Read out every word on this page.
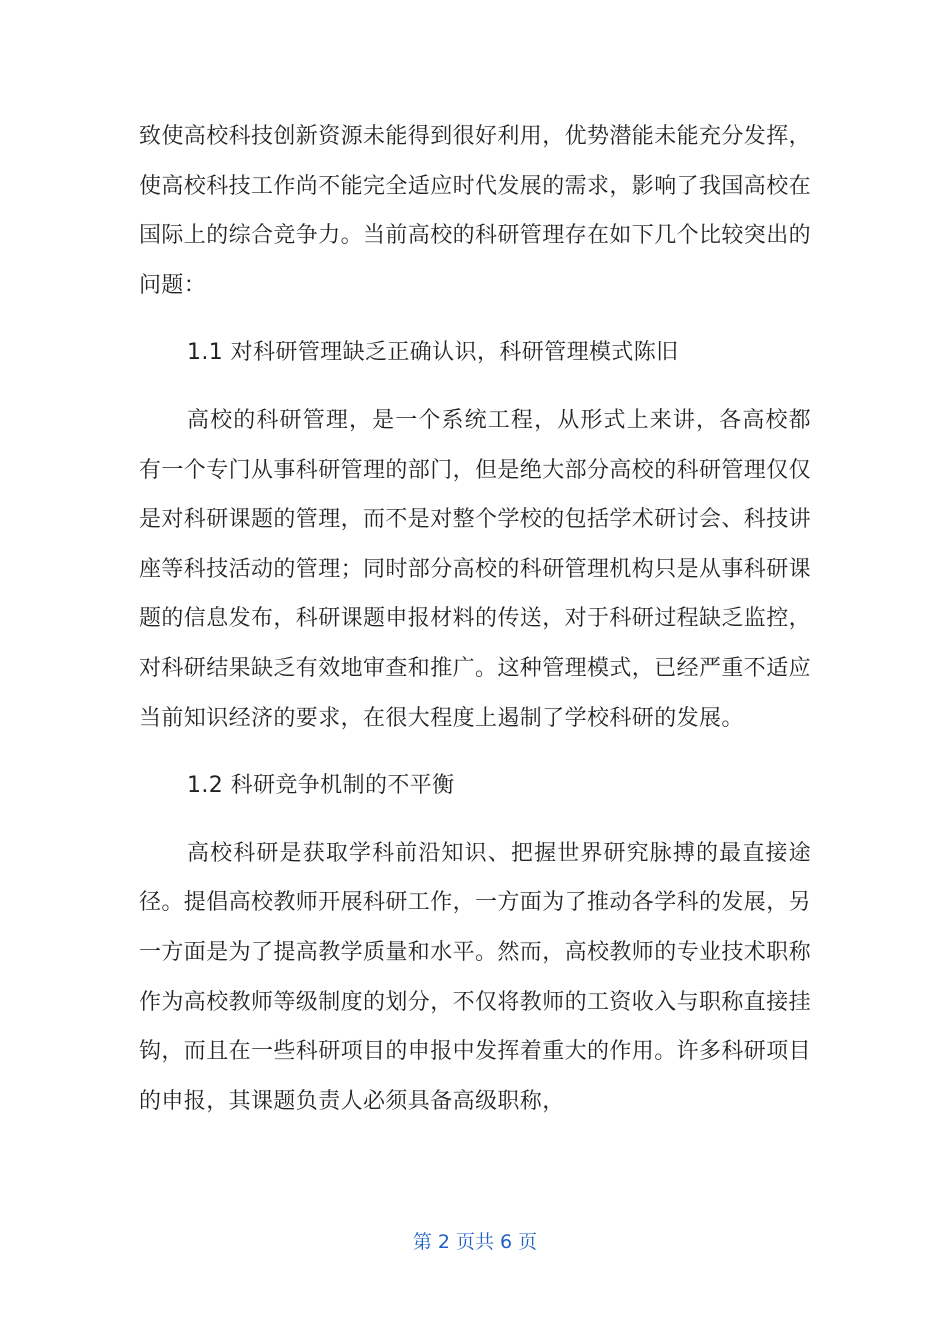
致使高校科技创新资源未能得到很好利用，优势潜能未能充分发挥，使高校科技工作尚不能完全适应时代发展的需求，影响了我国高校在国际上的综合竞争力。当前高校的科研管理存在如下几个比较突出的问题：

1.1 对科研管理缺乏正确认识，科研管理模式陈旧

高校的科研管理，是一个系统工程，从形式上来讲，各高校都有一个专门从事科研管理的部门，但是绝大部分高校的科研管理仅仅是对科研课题的管理，而不是对整个学校的包括学术研讨会、科技讲座等科技活动的管理；同时部分高校的科研管理机构只是从事科研课题的信息发布，科研课题申报材料的传送，对于科研过程缺乏监控，对科研结果缺乏有效地审查和推广。这种管理模式，已经严重不适应当前知识经济的要求，在很大程度上遏制了学校科研的发展。

1.2 科研竞争机制的不平衡

高校科研是获取学科前沿知识、把握世界研究脉搏的最直接途径。提倡高校教师开展科研工作，一方面为了推动各学科的发展，另一方面是为了提高教学质量和水平。然而，高校教师的专业技术职称作为高校教师等级制度的划分，不仅将教师的工资收入与职称直接挂钩，而且在一些科研项目的申报中发挥着重大的作用。许多科研项目的申报，其课题负责人必须具备高级职称，

第 2 页共 6 页
